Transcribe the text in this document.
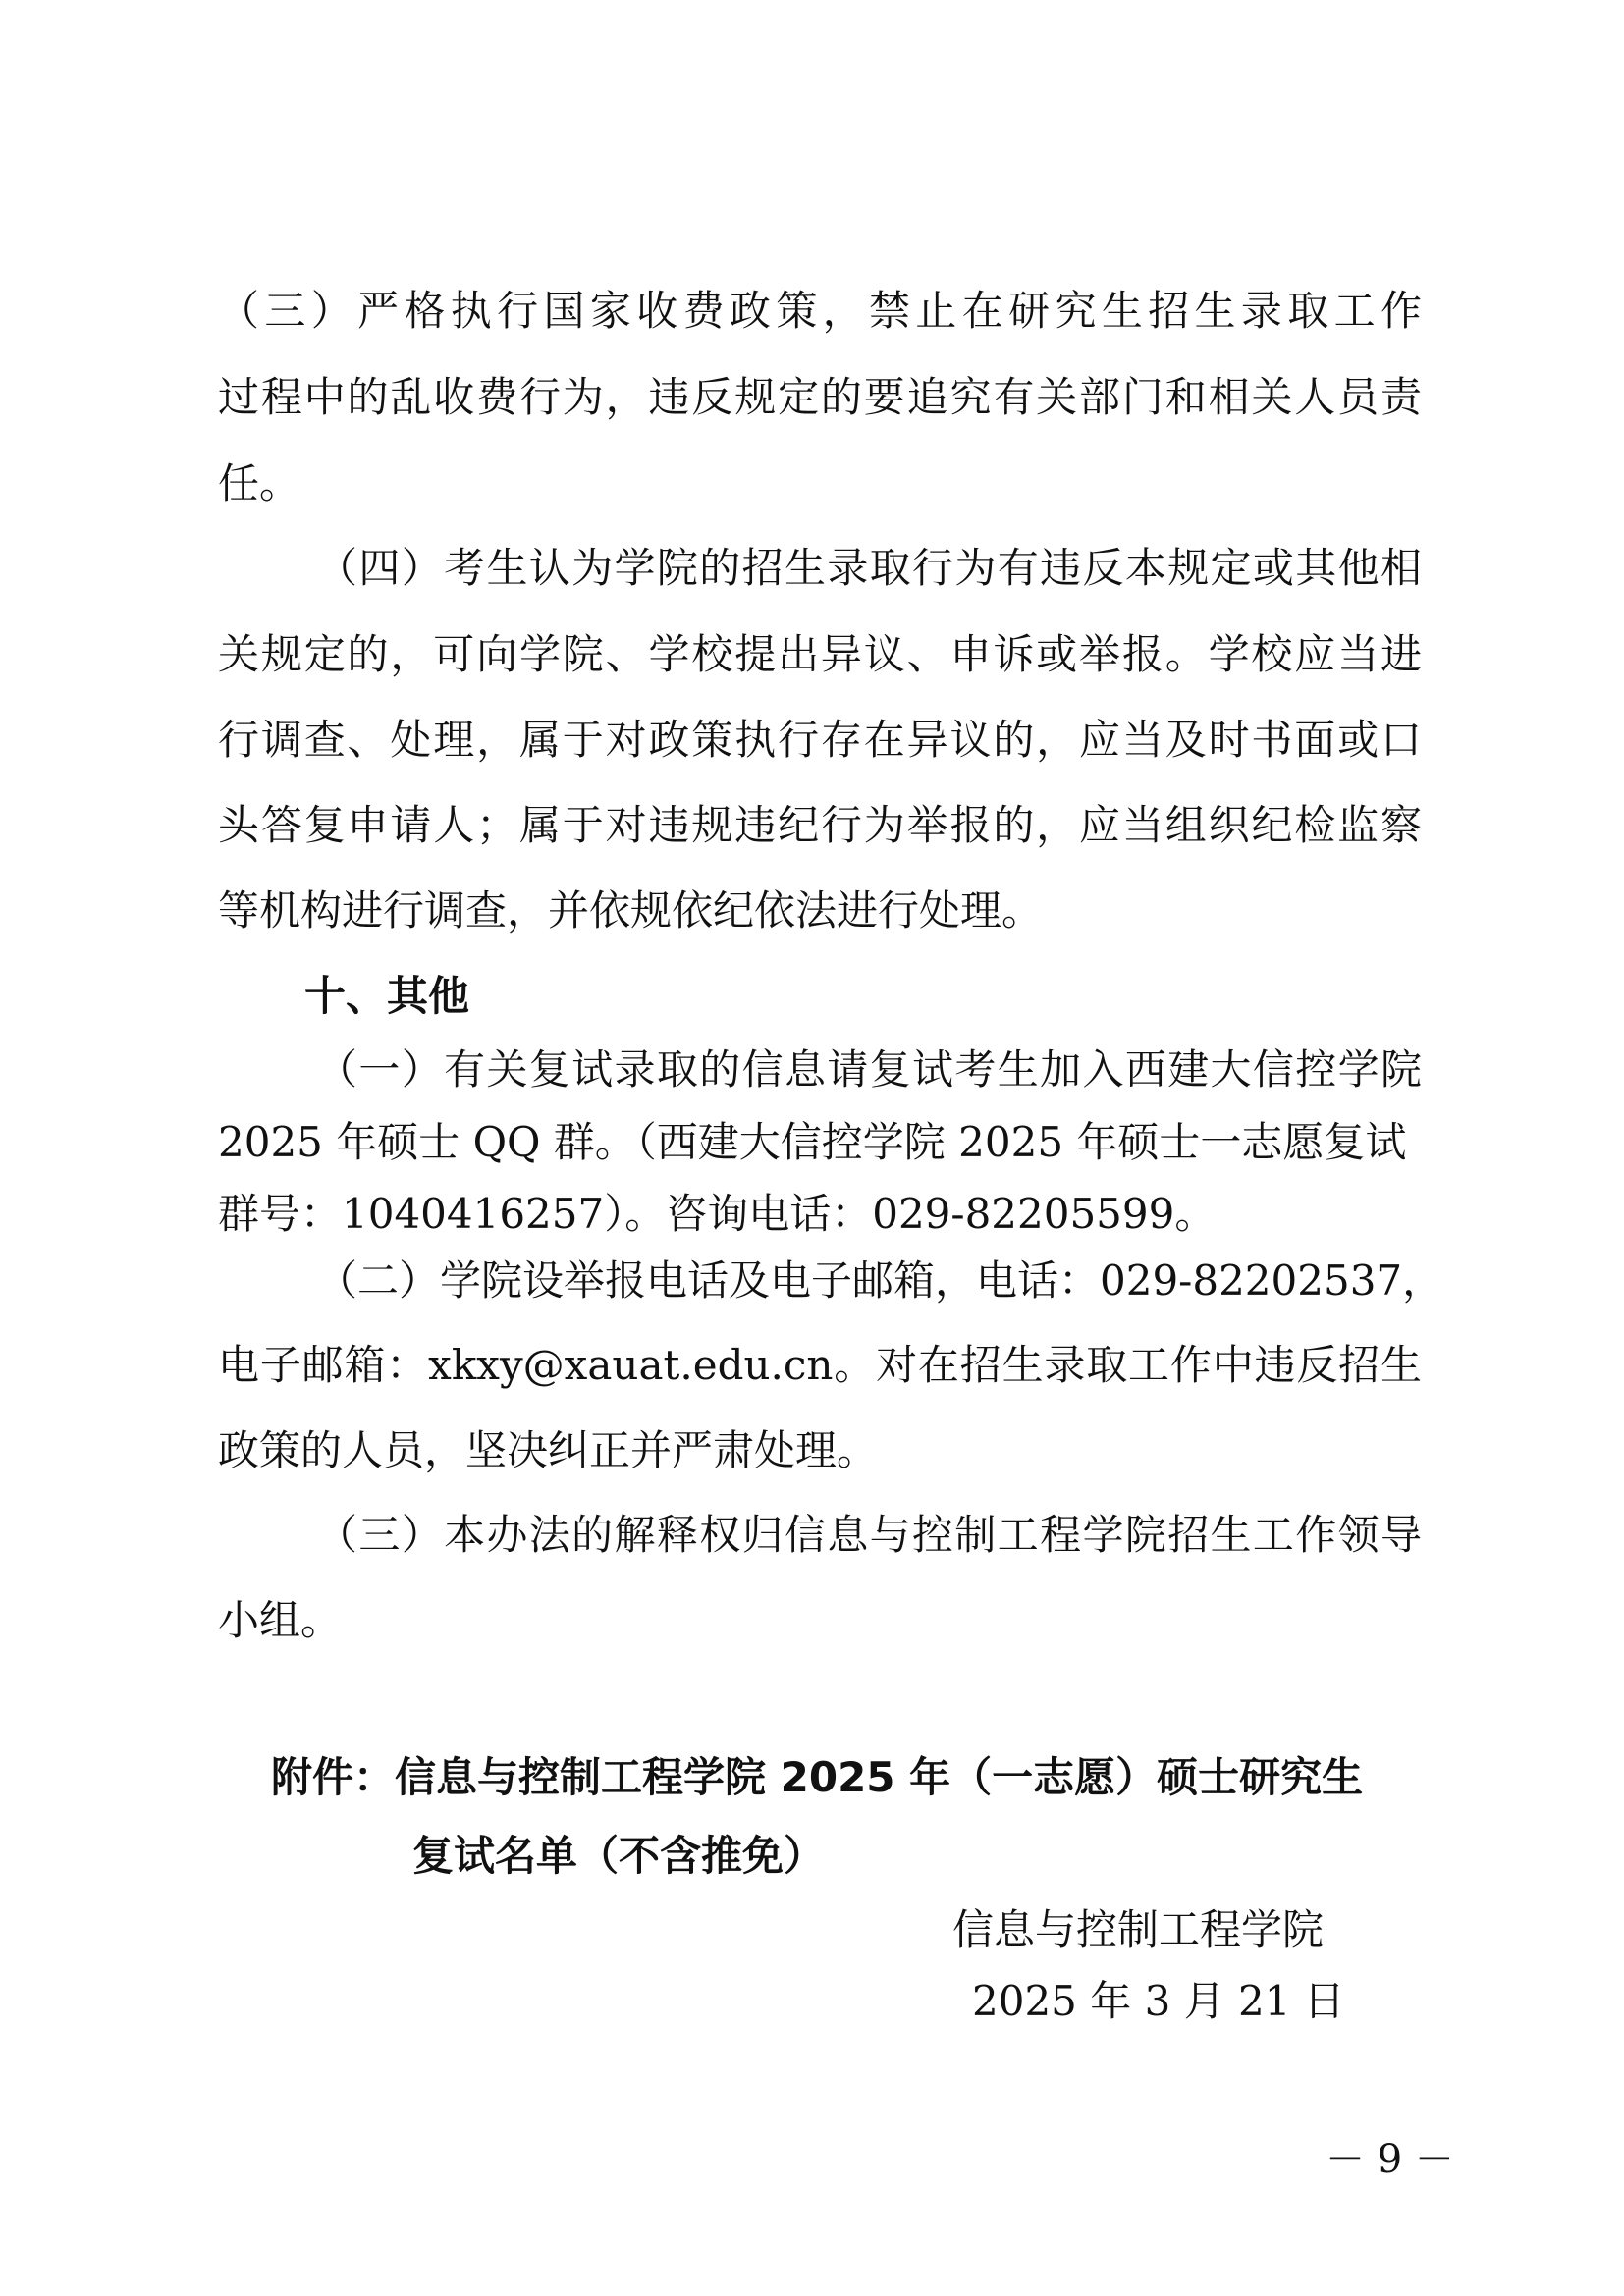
（三）严格执行国家收费政策，禁止在研究生招生录取工作
过程中的乱收费行为，违反规定的要追究有关部门和相关人员责
任。
（四）考生认为学院的招生录取行为有违反本规定或其他相
关规定的，可向学院、学校提出异议、申诉或举报。学校应当进
行调查、处理，属于对政策执行存在异议的，应当及时书面或口
头答复申请人；属于对违规违纪行为举报的，应当组织纪检监察
等机构进行调查，并依规依纪依法进行处理。
十、其他
（一）有关复试录取的信息请复试考生加入西建大信控学院
2025 年硕士 QQ 群。（西建大信控学院 2025 年硕士一志愿复试
群号：1040416257）。咨询电话：029-82205599。
（二）学院设举报电话及电子邮箱，电话：029-82202537，
电子邮箱：xkxy@xauat.edu.cn。对在招生录取工作中违反招生
政策的人员，坚决纠正并严肃处理。
（三）本办法的解释权归信息与控制工程学院招生工作领导
小组。
附件：信息与控制工程学院 2025 年（一志愿）硕士研究生
复试名单（不含推免）
信息与控制工程学院
2025 年 3 月 21 日
－ 9 －
